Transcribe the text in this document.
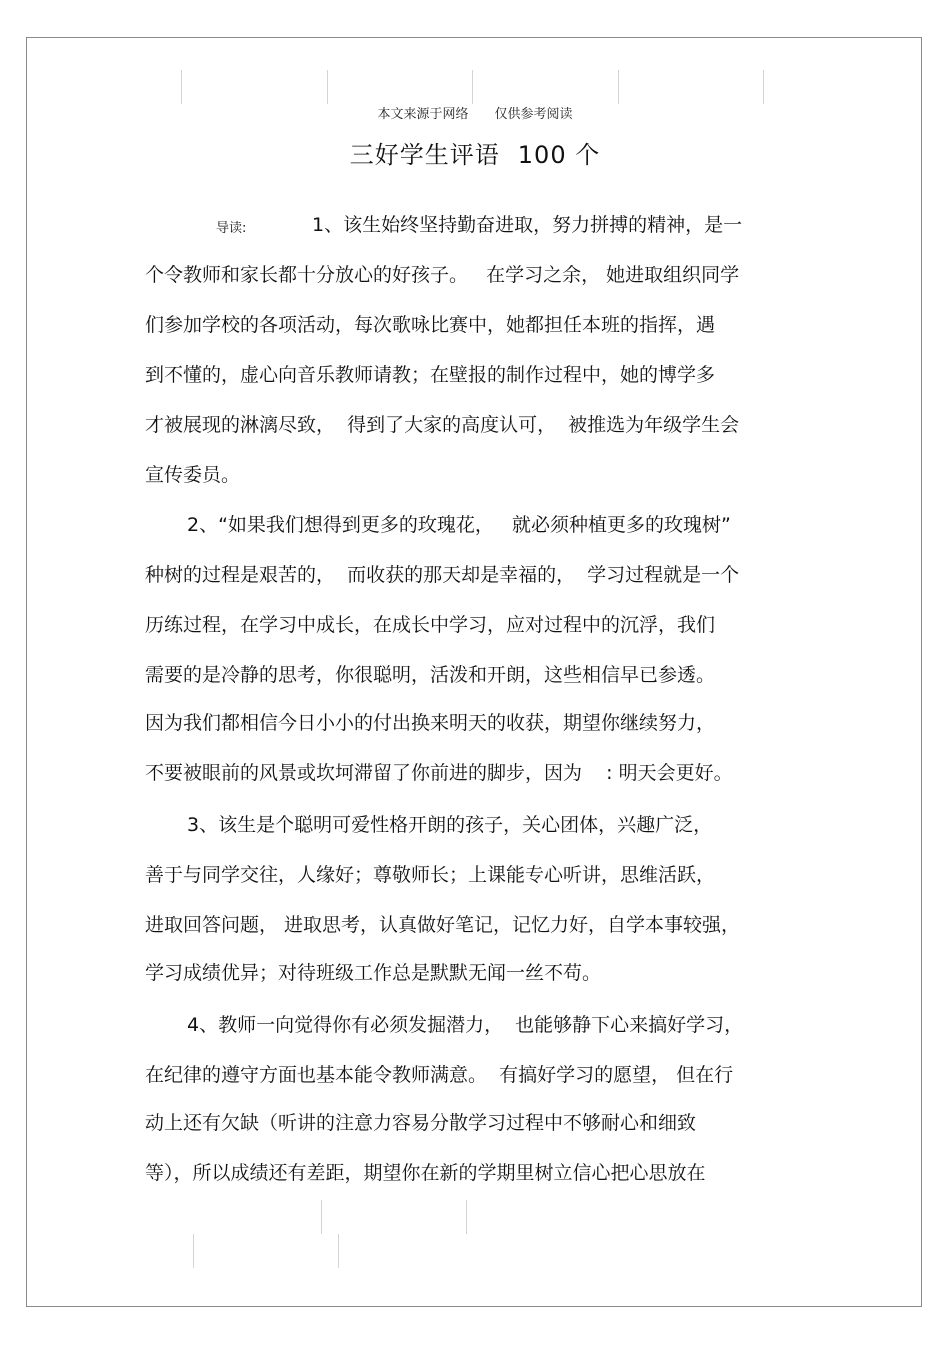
本文来源于网络 仅供参考阅读
三好学生评语 100 个
导读:	1、该生始终坚持勤奋进取，努力拼搏的精神，是一
个令教师和家长都十分放心的好孩子。   在学习之余， 她进取组织同学
们参加学校的各项活动，每次歌咏比赛中，她都担任本班的指挥，遇
到不懂的，虚心向音乐教师请教；在壁报的制作过程中，她的博学多
才被展现的淋漓尽致，  得到了大家的高度认可，  被推选为年级学生会
宣传委员。
2、“如果我们想得到更多的玫瑰花，   就必须种植更多的玫瑰树”
种树的过程是艰苦的，  而收获的那天却是幸福的，  学习过程就是一个
历练过程，在学习中成长，在成长中学习，应对过程中的沉浮，我们
需要的是冷静的思考，你很聪明，活泼和开朗，这些相信早已参透。
因为我们都相信今日小小的付出换来明天的收获，期望你继续努力，
不要被眼前的风景或坎坷滞留了你前进的脚步，因为    : 明天会更好。
3、该生是个聪明可爱性格开朗的孩子，关心团体，兴趣广泛，
善于与同学交往，人缘好；尊敬师长；上课能专心听讲，思维活跃，
进取回答问题， 进取思考，认真做好笔记，记忆力好，自学本事较强，
学习成绩优异；对待班级工作总是默默无闻一丝不苟。
4、教师一向觉得你有必须发掘潜力，  也能够静下心来搞好学习，
在纪律的遵守方面也基本能令教师满意。  有搞好学习的愿望， 但在行
动上还有欠缺（听讲的注意力容易分散学习过程中不够耐心和细致
等），所以成绩还有差距，期望你在新的学期里树立信心把心思放在
